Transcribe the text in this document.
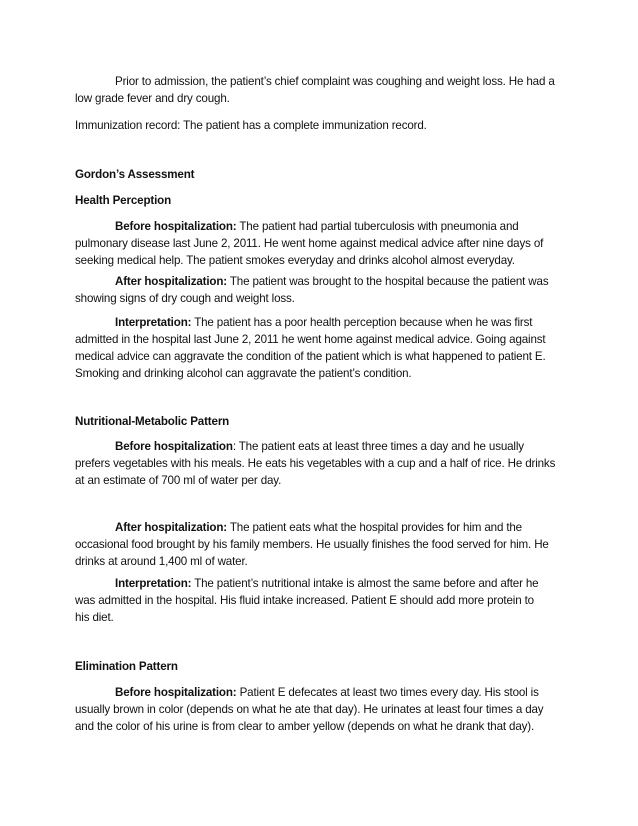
Prior to admission, the patient’s chief complaint was coughing and weight loss. He had a
low grade fever and dry cough.
Immunization record: The patient has a complete immunization record.
Gordon’s Assessment
Health Perception
Before hospitalization: The patient had partial tuberculosis with pneumonia and
pulmonary disease last June 2, 2011. He went home against medical advice after nine days of
seeking medical help. The patient smokes everyday and drinks alcohol almost everyday.
After hospitalization: The patient was brought to the hospital because the patient was
showing signs of dry cough and weight loss.
Interpretation: The patient has a poor health perception because when he was first
admitted in the hospital last June 2, 2011 he went home against medical advice. Going against
medical advice can aggravate the condition of the patient which is what happened to patient E.
Smoking and drinking alcohol can aggravate the patient’s condition.
Nutritional-Metabolic Pattern
Before hospitalization: The patient eats at least three times a day and he usually
prefers vegetables with his meals. He eats his vegetables with a cup and a half of rice. He drinks
at an estimate of 700 ml of water per day.
After hospitalization: The patient eats what the hospital provides for him and the
occasional food brought by his family members. He usually finishes the food served for him. He
drinks at around 1,400 ml of water.
Interpretation: The patient’s nutritional intake is almost the same before and after he
was admitted in the hospital. His fluid intake increased. Patient E should add more protein to
his diet.
Elimination Pattern
Before hospitalization: Patient E defecates at least two times every day. His stool is
usually brown in color (depends on what he ate that day). He urinates at least four times a day
and the color of his urine is from clear to amber yellow (depends on what he drank that day).
